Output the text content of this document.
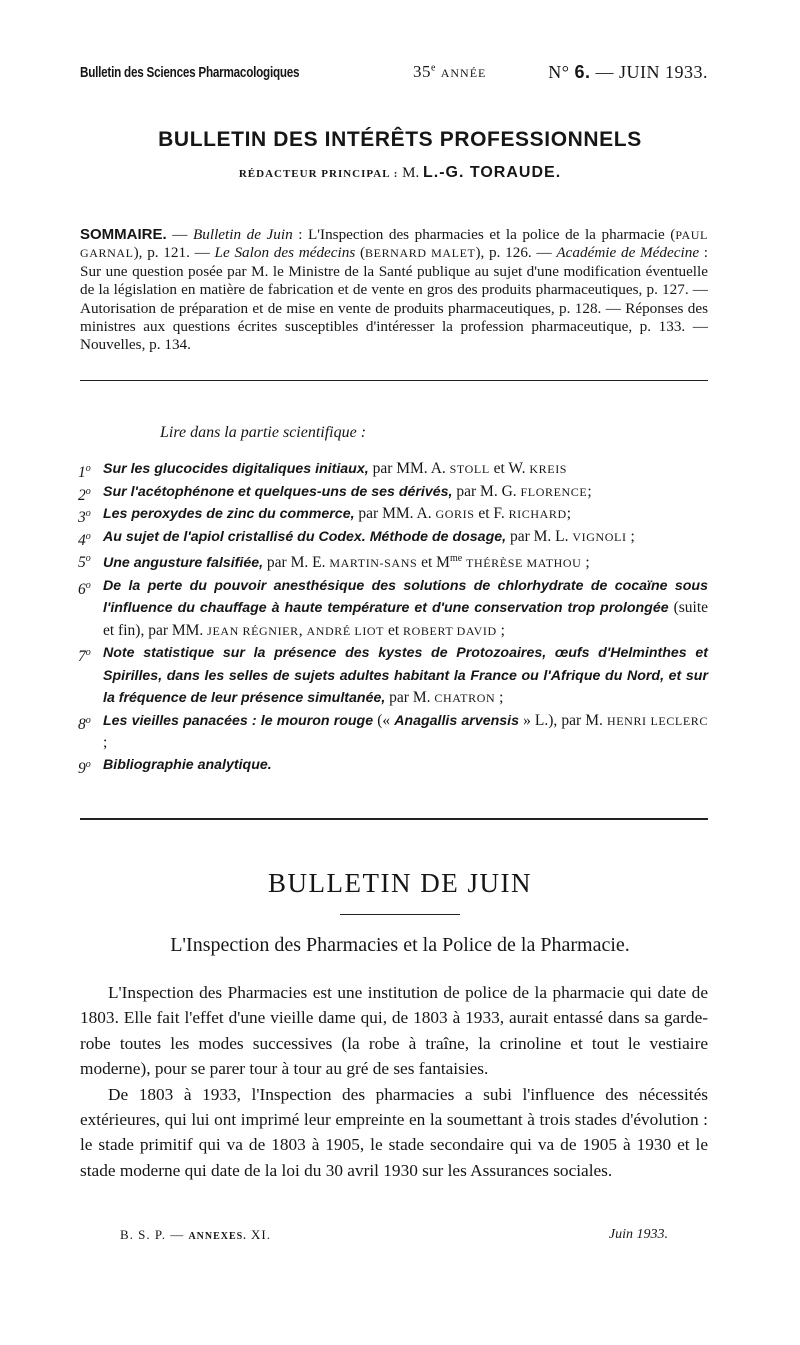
Bulletin des Sciences Pharmacologiques	35e ANNÉE	N° 6. — JUIN 1933.
BULLETIN DES INTÉRÊTS PROFESSIONNELS
RÉDACTEUR PRINCIPAL : M. L.-G. TORAUDE.
SOMMAIRE. — Bulletin de Juin : L'Inspection des pharmacies et la police de la pharmacie (PAUL GARNAL), p. 121. — Le Salon des médecins (BERNARD MALET), p. 126. — Académie de Médecine : Sur une question posée par M. le Ministre de la Santé publique au sujet d'une modification éventuelle de la législation en matière de fabrication et de vente en gros des produits pharmaceutiques, p. 127. — Autorisation de préparation et de mise en vente de produits pharmaceutiques, p. 128. — Réponses des ministres aux questions écrites susceptibles d'intéresser la profession pharmaceutique, p. 133. — Nouvelles, p. 134.
Lire dans la partie scientifique :
1$^o$ Sur les glucocides digitaliques initiaux, par MM. A. STOLL et W. KREIS
2$^o$ Sur l'acétophénone et quelques-uns de ses dérivés, par M. G. FLORENCE;
3$^o$ Les peroxydes de zinc du commerce, par MM. A. GORIS et F. RICHARD;
4$^o$ Au sujet de l'apiol cristallisé du Codex. Méthode de dosage, par M. L. VIGNOLI ;
5$^o$ Une angusture falsifiée, par M. E. MARTIN-SANS et $M^{me}$ THÉRÈSE MATHOU ;
6$^o$ De la perte du pouvoir anesthésique des solutions de chlorhydrate de cocaïne sous l'influence du chauffage à haute température et d'une conservation trop prolongée (suite et fin), par MM. JEAN RÉGNIER, ANDRÉ LIOT et ROBERT DAVID ;
7$^o$ Note statistique sur la présence des kystes de Protozoaires, œufs d'Helminthes et Spirilles, dans les selles de sujets adultes habitant la France ou l'Afrique du Nord, et sur la fréquence de leur présence simultanée, par M. CHATRON ;
8$^o$ Les vieilles panacées : le mouron rouge (« Anagallis arvensis » L.), par M. HENRI LECLERC ;
9$^o$ Bibliographie analytique.
BULLETIN DE JUIN
L'Inspection des Pharmacies et la Police de la Pharmacie.

L'Inspection des Pharmacies est une institution de police de la pharmacie qui date de 1803. Elle fait l'effet d'une vieille dame qui, de 1803 à 1933, aurait entassé dans sa garde-robe toutes les modes successives (la robe à traîne, la crinoline et tout le vestiaire moderne), pour se parer tour à tour au gré de ses fantaisies.

De 1803 à 1933, l'Inspection des pharmacies a subi l'influence des nécessités extérieures, qui lui ont imprimé leur empreinte en la soumettant à trois stades d'évolution : le stade primitif qui va de 1803 à 1905, le stade secondaire qui va de 1905 à 1930 et le stade moderne qui date de la loi du 30 avril 1930 sur les Assurances sociales.

B. S. P. — ANNEXES. XI.	Juin 1933.
